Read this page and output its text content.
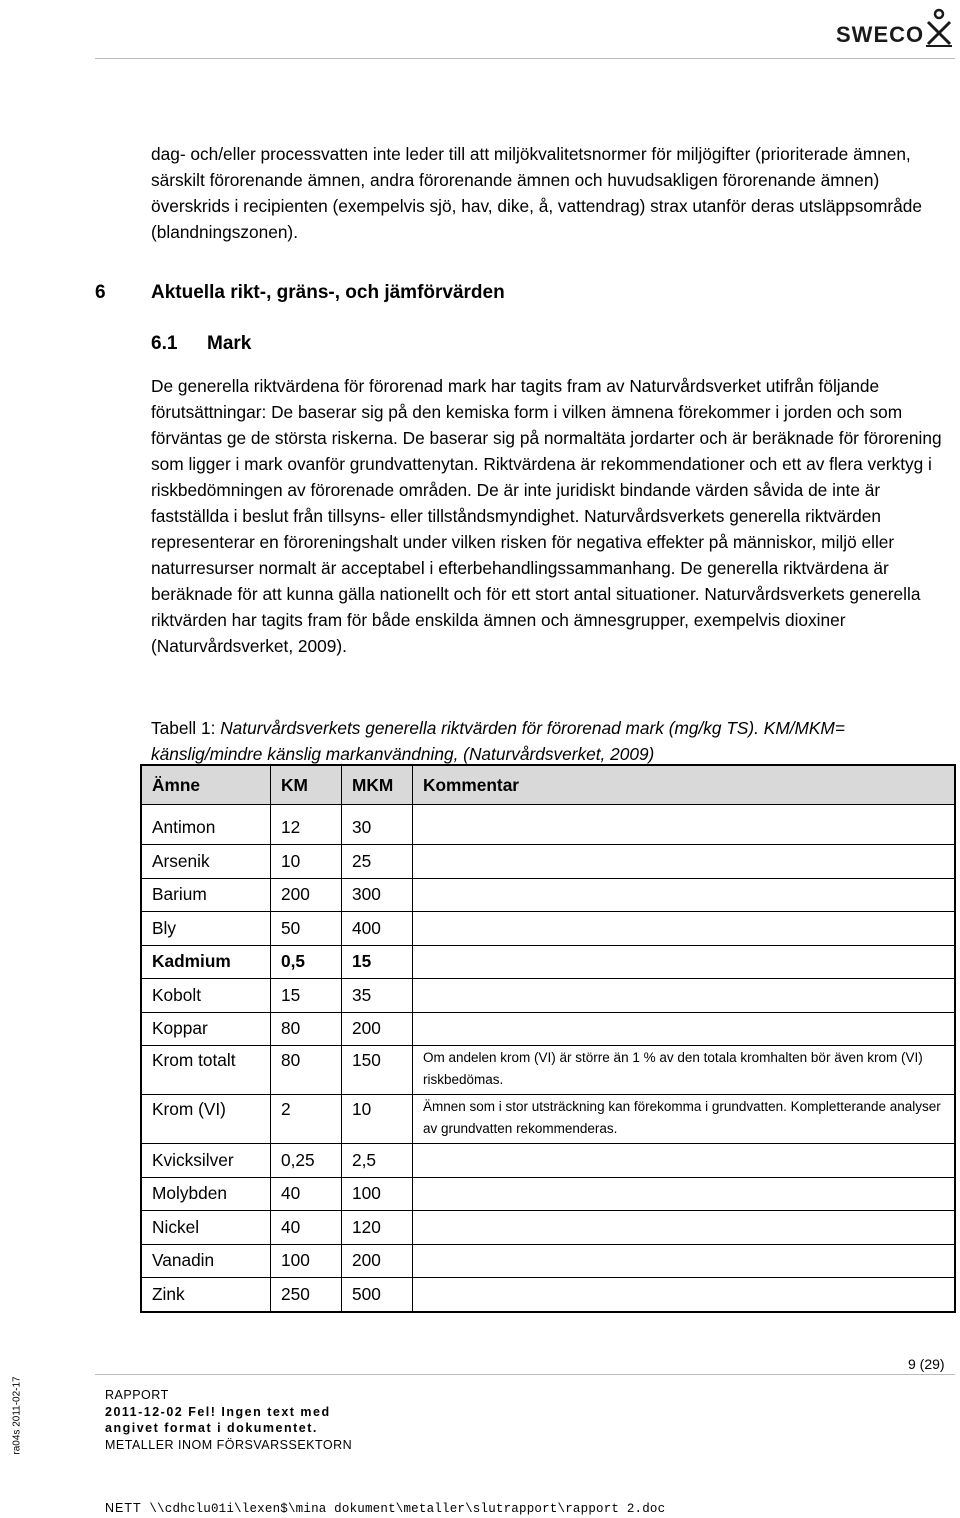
SWECO

dag- och/eller processvatten inte leder till att miljökvalitetsnormer för miljögifter (prioriterade ämnen, särskilt förorenande ämnen, andra förorenande ämnen och huvudsakligen förorenande ämnen) överskrids i recipienten (exempelvis sjö, hav, dike, å, vattendrag) strax utanför deras utsläppsområde (blandningszonen).

6 Aktuella rikt-, gräns-, och jämförvärden
6.1 Mark

De generella riktvärdena för förorenad mark har tagits fram av Naturvårdsverket utifrån följande förutsättningar: De baserar sig på den kemiska form i vilken ämnena förekommer i jorden och som förväntas ge de största riskerna. De baserar sig på normaltäta jordarter och är beräknade för förorening som ligger i mark ovanför grundvattenytan. Riktvärdena är rekommendationer och ett av flera verktyg i riskbedömningen av förorenade områden. De är inte juridiskt bindande värden såvida de inte är fastställda i beslut från tillsyns- eller tillståndsmyndighet. Naturvårdsverkets generella riktvärden representerar en föroreningshalt under vilken risken för negativa effekter på människor, miljö eller naturresurser normalt är acceptabel i efterbehandlingssammanhang. De generella riktvärdena är beräknade för att kunna gälla nationellt och för ett stort antal situationer. Naturvårdsverkets generella riktvärden har tagits fram för både enskilda ämnen och ämnesgrupper, exempelvis dioxiner (Naturvårdsverket, 2009).

Tabell 1: Naturvårdsverkets generella riktvärden för förorenad mark (mg/kg TS). KM/MKM= känslig/mindre känslig markanvändning, (Naturvårdsverket, 2009)

Ämne	KM	MKM	Kommentar
Antimon	12	30	
Arsenik	10	25	
Barium	200	300	
Bly	50	400	
Kadmium	0,5	15	
Kobolt	15	35	
Koppar	80	200	
Krom totalt	80	150	Om andelen krom (VI) är större än 1 % av den totala kromhalten bör även krom (VI) riskbedömas.
Krom (VI)	2	10	Ämnen som i stor utsträckning kan förekomma i grundvatten. Kompletterande analyser av grundvatten rekommenderas.
Kvicksilver	0,25	2,5	
Molybden	40	100	
Nickel	40	120	
Vanadin	100	200	
Zink	250	500	
9 (29)
RAPPORT
2011-12-02 Fel! Ingen text med
angivet format i dokumentet.
METALLER INOM FÖRSVARSSEKTORN
ra04s 2011-02-17
NETT \\cdhclu01i\lexen$\mina dokument\metaller\slutrapport\rapport 2.doc
